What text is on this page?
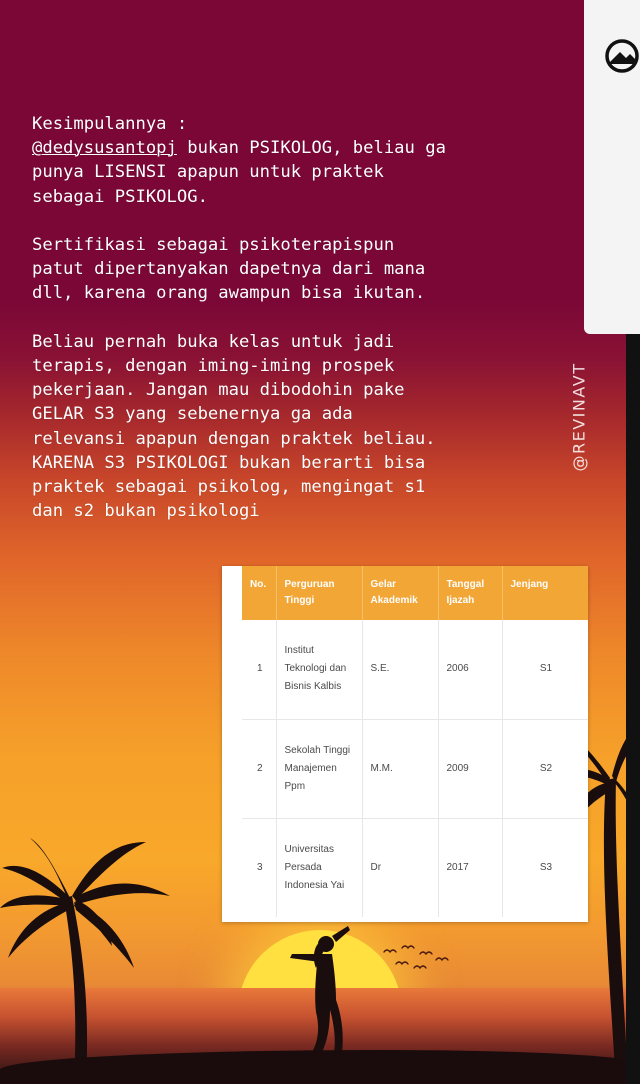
Kesimpulannya :
@dedysusantopj bukan PSIKOLOG, beliau ga
punya LISENSI apapun untuk praktek
sebagai PSIKOLOG.
Sertifikasi sebagai psikoterapispun
patut dipertanyakan dapetnya dari mana
dll, karena orang awampun bisa ikutan.
Beliau pernah buka kelas untuk jadi
terapis, dengan iming-iming prospek
pekerjaan. Jangan mau dibodohin pake
GELAR S3 yang sebenernya ga ada
relevansi apapun dengan praktek beliau.
KARENA S3 PSIKOLOGI bukan berarti bisa
praktek sebagai psikolog, mengingat s1
dan s2 bukan psikologi
@REVINAVT
No.	Perguruan Tinggi	Gelar Akademik	Tanggal Ijazah	Jenjang
1	Institut Teknologi dan Bisnis Kalbis	S.E.	2006	S1
2	Sekolah Tinggi Manajemen Ppm	M.M.	2009	S2
3	Universitas Persada Indonesia Yai	Dr	2017	S3
